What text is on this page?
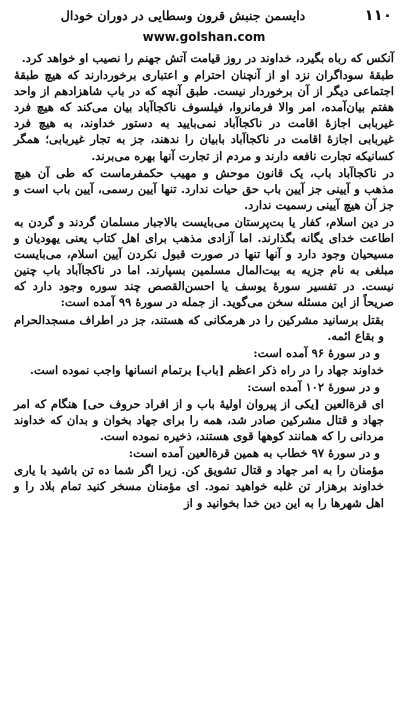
دایسمن جنبش قرون وسطایی در دوران خودال	۱۱۰
www.golshan.com

آنکس که رباه بگیرد، خداوند در روز قیامت آتش جهنم را نصیب او خواهد کرد.

طبقهٔ سوداگران نزد او از آنچنان احترام و اعتباری برخوردارند که هیچ طبقهٔ اجتماعی دیگر از آن برخوردار نیست. طبق آنچه که در باب شاهزادهم از واحد هفتم بیان‌آمده، امر والا فرمانروا، فیلسوف ناکجاآباد بیان می‌کند که هیچ فرد غیربابی اجازهٔ اقامت در ناکجاآباد نمی‌بایید به دستور خداوند، به هیچ فرد غیربابی اجازهٔ اقامت در ناکجاآباد بابیان را ندهند، جز به تجار غیربابی؛ همگر کسانیکه تجارت نافعه دارند و مردم از تجارت آنها بهره می‌برند.

در ناکجاآباد باب، یک قانون موحش و مهیب حکمفرماست که طی آن هیچ مذهب و آیینی جز آیین باب حق حیات ندارد. تنها آیین رسمی، آیین باب است و جز آن هیچ آیینی رسمیت ندارد.

در دین اسلام، کفار یا بت‌پرستان می‌بایست بالاجبار مسلمان گردند و گردن به اطاعت خدای یگانه بگذارند. اما آزادی مذهب برای اهل کتاب یعنی یهودیان و مسیحیان وجود دارد و آنها تنها در صورت قبول نکردن آیین اسلام، می‌بایست مبلغی به نام جزیه به بیت‌المال مسلمین بسپارند. اما در ناکجاآباد باب چنین نیست. در تفسیر سورهٔ یوسف یا احسن‌القصص چند سوره وجود دارد که صریحاً از این مسئله سخن می‌گوید. از جمله در سورهٔ ۹۹ آمده است:

بقتل برسانید مشرکین را در هرمکانی که هستند، جز در اطراف مسجدالحرام و بقاع ائمه.

و در سورهٔ ۹۶ آمده است:

خداوند جهاد را در راه ذکر اعظم [باب] برتمام انسانها واجب نموده است.

و در سورهٔ ۱۰۲ آمده است:

ای قرةالعین [یکی از پیروان اولیهٔ باب و از افراد حروف حی] هنگام که امر جهاد و قتال مشرکین صادر شد، همه را برای جهاد بخوان و بدان که خداوند مردانی را که همانند کوهها قوی هستند، ذخیره نموده است.

و در سورهٔ ۹۷ خطاب به همین قرةالعین آمده است:

مؤمنان را به امر جهاد و قتال تشویق کن. زیرا اگر شما ده تن باشید با یاری خداوند برهزار تن غلبه خواهید نمود. ای مؤمنان مسخر کنید تمام بلاد را و اهل شهرها را به این دین خدا بخوانید و از
